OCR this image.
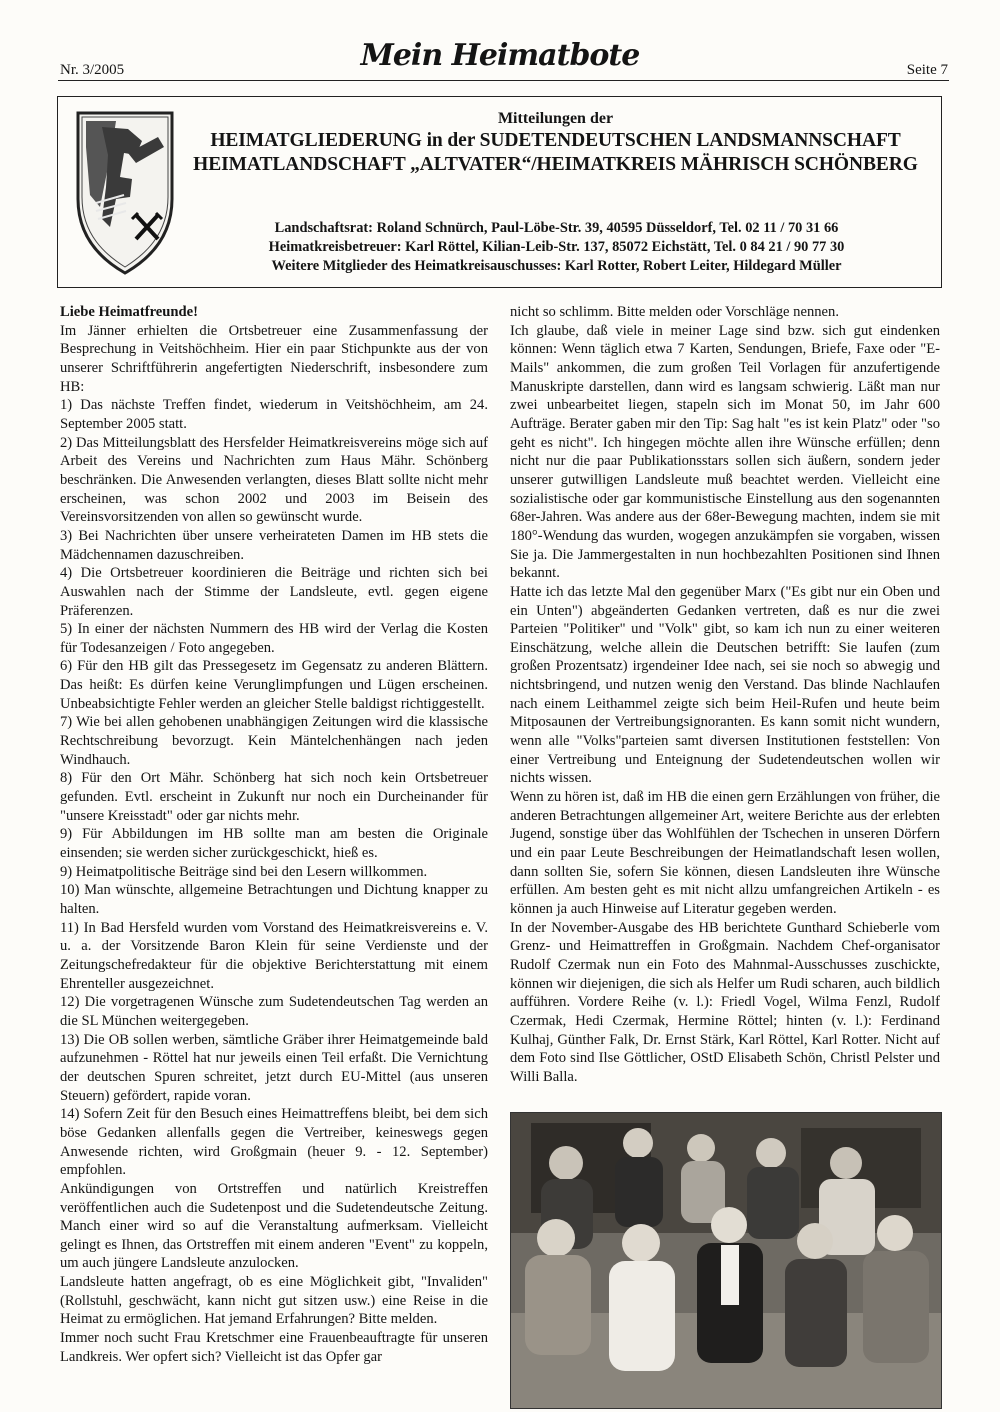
Nr. 3/2005	Mein Heimatbote	Seite 7
Mitteilungen der
HEIMATGLIEDERUNG in der SUDETENDEUTSCHEN LANDSMANNSCHAFT
HEIMATLANDSCHAFT „ALTVATER“/HEIMATKREIS MÄHRISCH SCHÖNBERG
Landschaftsrat: Roland Schnürch, Paul-Löbe-Str. 39, 40595 Düsseldorf, Tel. 02 11 / 70 31 66
Heimatkreisbetreuer: Karl Röttel, Kilian-Leib-Str. 137, 85072 Eichstätt, Tel. 0 84 21 / 90 77 30
Weitere Mitglieder des Heimatkreisauschusses: Karl Rotter, Robert Leiter, Hildegard Müller

Liebe Heimatfreunde!

Im Jänner erhielten die Ortsbetreuer eine Zusammenfassung der Besprechung in Veitshöchheim. Hier ein paar Stichpunkte aus der von unserer Schriftführerin angefertigten Niederschrift, insbesondere zum HB:

1) Das nächste Treffen findet, wiederum in Veitshöchheim, am 24. September 2005 statt.

2) Das Mitteilungsblatt des Hersfelder Heimatkreisvereins möge sich auf Arbeit des Vereins und Nachrichten zum Haus Mähr. Schönberg beschränken. Die Anwesenden verlangten, dieses Blatt sollte nicht mehr erscheinen, was schon 2002 und 2003 im Beisein des Vereinsvorsitzenden von allen so gewünscht wurde.

3) Bei Nachrichten über unsere verheirateten Damen im HB stets die Mädchennamen dazuschreiben.

4) Die Ortsbetreuer koordinieren die Beiträge und richten sich bei Auswahlen nach der Stimme der Landsleute, evtl. gegen eigene Präferenzen.

5) In einer der nächsten Nummern des HB wird der Verlag die Kosten für Todesanzeigen / Foto angegeben.

6) Für den HB gilt das Pressegesetz im Gegensatz zu anderen Blättern. Das heißt: Es dürfen keine Verunglimpfungen und Lügen erscheinen. Unbeabsichtigte Fehler werden an gleicher Stelle baldigst richtiggestellt.

7) Wie bei allen gehobenen unabhängigen Zeitungen wird die klassische Rechtschreibung bevorzugt. Kein Mäntelchenhängen nach jeden Windhauch.

8) Für den Ort Mähr. Schönberg hat sich noch kein Ortsbetreuer gefunden. Evtl. erscheint in Zukunft nur noch ein Durcheinander für "unsere Kreisstadt" oder gar nichts mehr.

9) Für Abbildungen im HB sollte man am besten die Originale einsenden; sie werden sicher zurückgeschickt, hieß es.

9) Heimatpolitische Beiträge sind bei den Lesern willkommen.

10) Man wünschte, allgemeine Betrachtungen und Dichtung knapper zu halten.

11) In Bad Hersfeld wurden vom Vorstand des Heimatkreisvereins e. V. u. a. der Vorsitzende Baron Klein für seine Verdienste und der Zeitungschefredakteur für die objektive Berichterstattung mit einem Ehrenteller ausgezeichnet.

12) Die vorgetragenen Wünsche zum Sudetendeutschen Tag werden an die SL München weitergegeben.

13) Die OB sollen werben, sämtliche Gräber ihrer Heimatgemeinde bald aufzunehmen - Röttel hat nur jeweils einen Teil erfaßt. Die Vernichtung der deutschen Spuren schreitet, jetzt durch EU-Mittel (aus unseren Steuern) gefördert, rapide voran.

14) Sofern Zeit für den Besuch eines Heimattreffens bleibt, bei dem sich böse Gedanken allenfalls gegen die Vertreiber, keineswegs gegen Anwesende richten, wird Großgmain (heuer 9. - 12. September) empfohlen.

Ankündigungen von Ortstreffen und natürlich Kreistreffen veröffentlichen auch die Sudetenpost und die Sudetendeutsche Zeitung. Manch einer wird so auf die Veranstaltung aufmerksam. Vielleicht gelingt es Ihnen, das Ortstreffen mit einem anderen "Event" zu koppeln, um auch jüngere Landsleute anzulocken.

Landsleute hatten angefragt, ob es eine Möglichkeit gibt, "Invaliden" (Rollstuhl, geschwächt, kann nicht gut sitzen usw.) eine Reise in die Heimat zu ermöglichen. Hat jemand Erfahrungen? Bitte melden.

Immer noch sucht Frau Kretschmer eine Frauenbeauftragte für unseren Landkreis. Wer opfert sich? Vielleicht ist das Opfer gar

nicht so schlimm. Bitte melden oder Vorschläge nennen.

Ich glaube, daß viele in meiner Lage sind bzw. sich gut eindenken können: Wenn täglich etwa 7 Karten, Sendungen, Briefe, Faxe oder "E-Mails" ankommen, die zum großen Teil Vorlagen für anzufertigende Manuskripte darstellen, dann wird es langsam schwierig. Läßt man nur zwei unbearbeitet liegen, stapeln sich im Monat 50, im Jahr 600 Aufträge. Berater gaben mir den Tip: Sag halt "es ist kein Platz" oder "so geht es nicht". Ich hingegen möchte allen ihre Wünsche erfüllen; denn nicht nur die paar Publikationsstars sollen sich äußern, sondern jeder unserer gutwilligen Landsleute muß beachtet werden. Vielleicht eine sozialistische oder gar kommunistische Einstellung aus den sogenannten 68er-Jahren. Was andere aus der 68er-Bewegung machten, indem sie mit 180°-Wendung das wurden, wogegen anzukämpfen sie vorgaben, wissen Sie ja. Die Jammergestalten in nun hochbezahlten Positionen sind Ihnen bekannt.

Hatte ich das letzte Mal den gegenüber Marx ("Es gibt nur ein Oben und ein Unten") abgeänderten Gedanken vertreten, daß es nur die zwei Parteien "Politiker" und "Volk" gibt, so kam ich nun zu einer weiteren Einschätzung, welche allein die Deutschen betrifft: Sie laufen (zum großen Prozentsatz) irgendeiner Idee nach, sei sie noch so abwegig und nichtsbringend, und nutzen wenig den Verstand. Das blinde Nachlaufen nach einem Leithammel zeigte sich beim Heil-Rufen und heute beim Mitposaunen der Vertreibungsignoranten. Es kann somit nicht wundern, wenn alle "Volks"parteien samt diversen Institutionen feststellen: Von einer Vertreibung und Enteignung der Sudetendeutschen wollen wir nichts wissen.

Wenn zu hören ist, daß im HB die einen gern Erzählungen von früher, die anderen Betrachtungen allgemeiner Art, weitere Berichte aus der erlebten Jugend, sonstige über das Wohlfühlen der Tschechen in unseren Dörfern und ein paar Leute Beschreibungen der Heimatlandschaft lesen wollen, dann sollten Sie, sofern Sie können, diesen Landsleuten ihre Wünsche erfüllen. Am besten geht es mit nicht allzu umfangreichen Artikeln - es können ja auch Hinweise auf Literatur gegeben werden.

In der November-Ausgabe des HB berichtete Gunthard Schieberle vom Grenz- und Heimattreffen in Großgmain. Nachdem Chef-organisator Rudolf Czermak nun ein Foto des Mahnmal-Ausschusses zuschickte, können wir diejenigen, die sich als Helfer um Rudi scharen, auch bildlich aufführen. Vordere Reihe (v. l.): Friedl Vogel, Wilma Fenzl, Rudolf Czermak, Hedi Czermak, Hermine Röttel; hinten (v. l.): Ferdinand Kulhaj, Günther Falk, Dr. Ernst Stärk, Karl Röttel, Karl Rotter. Nicht auf dem Foto sind Ilse Göttlicher, OStD Elisabeth Schön, Christl Pelster und Willi Balla.
